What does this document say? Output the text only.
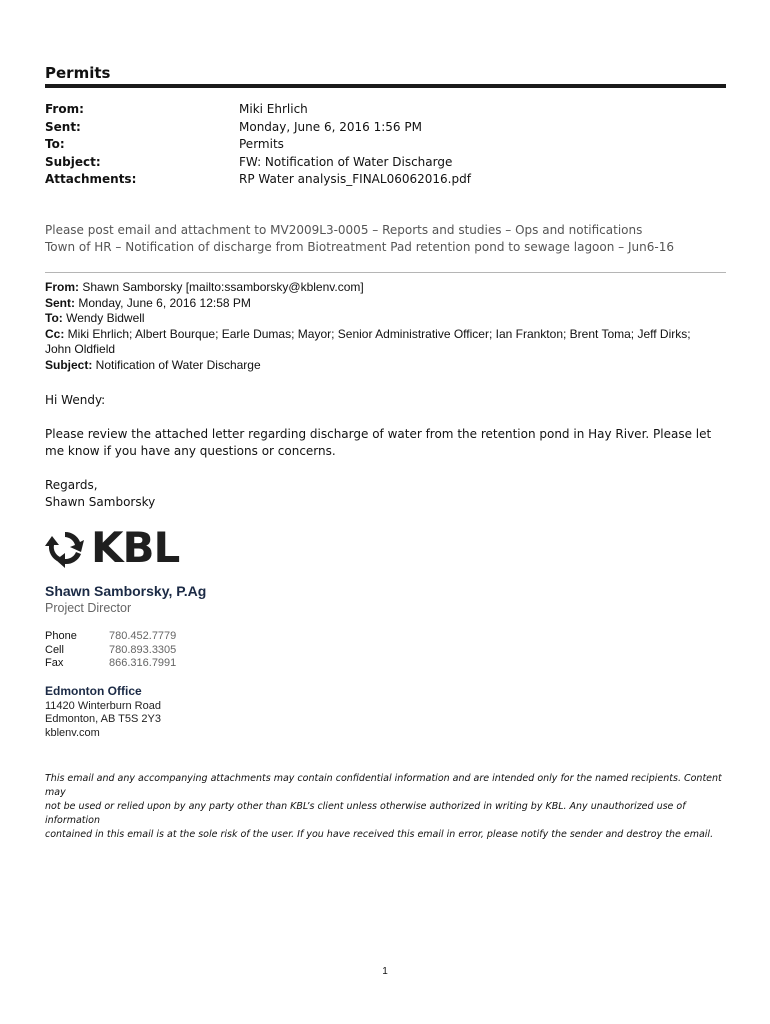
Permits
From:	Miki Ehrlich
Sent:	Monday, June 6, 2016 1:56 PM
To:	Permits
Subject:	FW: Notification of Water Discharge
Attachments:	RP Water analysis_FINAL06062016.pdf
Please post email and attachment to MV2009L3-0005 – Reports and studies – Ops and notifications
Town of HR – Notification of discharge from Biotreatment Pad retention pond to sewage lagoon – Jun6-16
From: Shawn Samborsky [mailto:ssamborsky@kblenv.com]
Sent: Monday, June 6, 2016 12:58 PM
To: Wendy Bidwell
Cc: Miki Ehrlich; Albert Bourque; Earle Dumas; Mayor; Senior Administrative Officer; Ian Frankton; Brent Toma; Jeff Dirks; John Oldfield
Subject: Notification of Water Discharge
Hi Wendy:
Please review the attached letter regarding discharge of water from the retention pond in Hay River. Please let
me know if you have any questions or concerns.
Regards,
Shawn Samborsky
KBL
Shawn Samborsky, P.Ag
Project Director
Phone	780.452.7779
Cell	780.893.3305
Fax	866.316.7991
Edmonton Office
11420 Winterburn Road
Edmonton, AB T5S 2Y3
kblenv.com
This email and any accompanying attachments may contain confidential information and are intended only for the named recipients. Content may
not be used or relied upon by any party other than KBL’s client unless otherwise authorized in writing by KBL. Any unauthorized use of information
contained in this email is at the sole risk of the user. If you have received this email in error, please notify the sender and destroy the email.
1
